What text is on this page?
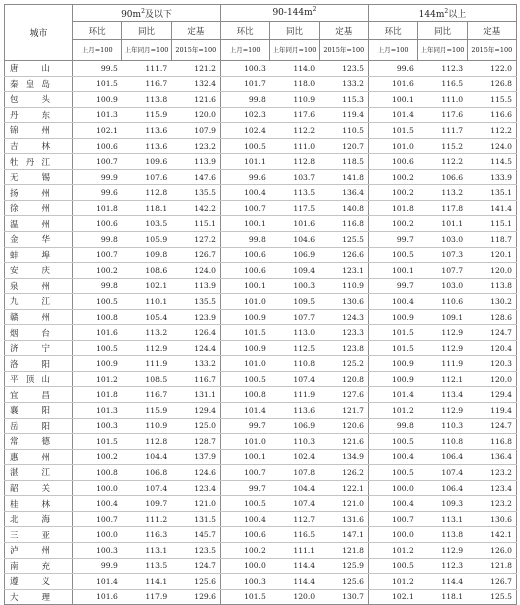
城市	$90m^2$及以下			$90-144m^2$			$144m^2$以上		
	环比	同比	定基	环比	同比	定基	环比	同比	定基
	上月=100	上年同月=100	2015年=100	上月=100	上年同月=100	2015年=100	上月=100	上年同月=100	2015年=100
唐山	99.5	111.7	121.2	100.3	114.0	123.5	99.6	112.3	122.0
秦皇岛	101.5	116.7	132.4	101.7	118.0	133.2	101.6	116.5	126.8
包头	100.9	113.8	121.6	99.8	110.9	115.3	100.1	111.0	115.5
丹东	101.3	115.9	120.0	102.3	117.6	119.4	101.4	117.6	116.6
锦州	102.1	113.6	107.9	102.4	112.2	110.5	101.5	111.7	112.2
吉林	100.6	113.6	123.2	100.5	111.0	120.7	101.0	115.2	124.0
牡丹江	100.7	109.6	113.9	101.1	112.8	118.5	100.6	112.2	114.5
无锡	99.9	107.6	147.6	99.6	103.7	141.8	100.2	106.6	133.9
扬州	99.6	112.8	135.5	100.4	113.5	136.4	100.2	113.2	135.1
徐州	101.8	118.1	142.2	100.7	117.5	140.8	101.8	117.8	141.4
温州	100.6	103.5	115.1	100.1	101.6	116.8	100.2	101.1	115.1
金华	99.8	105.9	127.2	99.8	104.6	125.5	99.7	103.0	118.7
蚌埠	100.7	109.8	126.7	100.6	106.9	126.6	100.5	107.3	120.1
安庆	100.2	108.6	124.0	100.6	109.4	123.1	100.1	107.7	120.0
泉州	99.8	102.1	113.9	100.1	100.3	110.9	99.7	103.0	113.8
九江	100.5	110.1	135.5	101.0	109.5	130.6	100.4	110.6	130.2
赣州	100.8	105.4	123.9	100.9	107.7	124.3	100.9	109.1	128.6
烟台	101.6	113.2	126.4	101.5	113.0	123.3	101.5	112.9	124.7
济宁	100.5	112.9	124.4	100.9	112.5	123.8	101.5	112.9	120.4
洛阳	100.9	111.9	133.2	101.0	110.8	125.2	100.9	111.9	120.3
平顶山	101.2	108.5	116.7	100.5	107.4	120.8	100.9	112.1	120.0
宜昌	101.8	116.7	131.1	100.8	111.9	127.6	101.4	113.4	129.4
襄阳	101.3	115.9	129.4	101.4	113.6	121.7	101.2	112.9	119.4
岳阳	100.3	110.9	125.0	99.7	106.9	120.6	99.8	110.3	124.7
常德	101.5	112.8	128.7	101.0	110.3	121.6	100.5	110.8	116.8
惠州	100.2	104.4	137.9	100.1	102.4	134.9	100.4	106.4	136.4
湛江	100.8	106.8	124.6	100.7	107.8	126.2	100.5	107.4	123.2
韶关	100.0	107.4	123.4	99.7	104.4	122.1	100.0	106.4	123.4
桂林	100.4	109.7	121.0	100.5	107.4	121.0	100.4	109.3	123.2
北海	100.7	111.2	131.5	100.4	112.7	131.6	100.7	113.1	130.6
三亚	100.0	116.3	145.7	100.6	116.5	147.1	100.0	113.8	142.1
泸州	100.3	113.1	123.5	100.2	111.1	121.8	101.2	112.9	126.0
南充	99.9	113.5	124.7	100.0	114.4	125.9	100.5	112.3	121.8
遵义	101.4	114.1	125.6	100.3	114.4	125.6	101.2	114.4	126.7
大理	101.6	117.9	129.6	101.5	120.0	130.7	102.1	118.1	125.5
